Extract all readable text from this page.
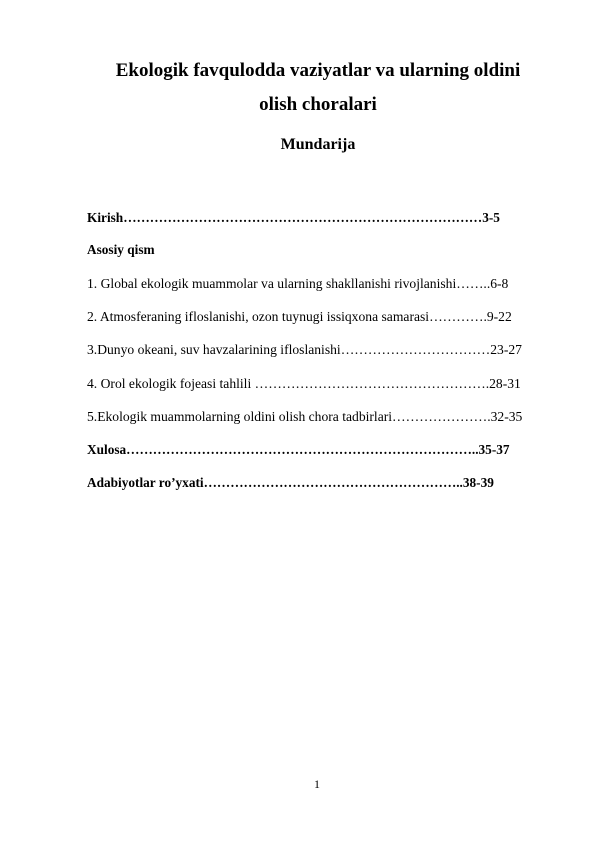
Ekologik favqulodda vaziyatlar va ularning oldini
olish choralari
Mundarija
Kirish………………………………………………………………………3-5
Asosiy qism
1. Global ekologik muammolar va ularning shakllanishi rivojlanishi……..6-8
2. Atmosferaning ifloslanishi, ozon tuynugi issiqxona samarasi………….9-22
3.Dunyo okeani, suv havzalarining ifloslanishi……………………………23-27
4. Orol ekologik fojeasi tahlili …………………………………………….28-31
5.Ekologik muammolarning oldini olish chora tadbirlari………………….32-35
Xulosa……………………………………………………………………..35-37
Adabiyotlar ro’yxati…………………………………………………..38-39
1
